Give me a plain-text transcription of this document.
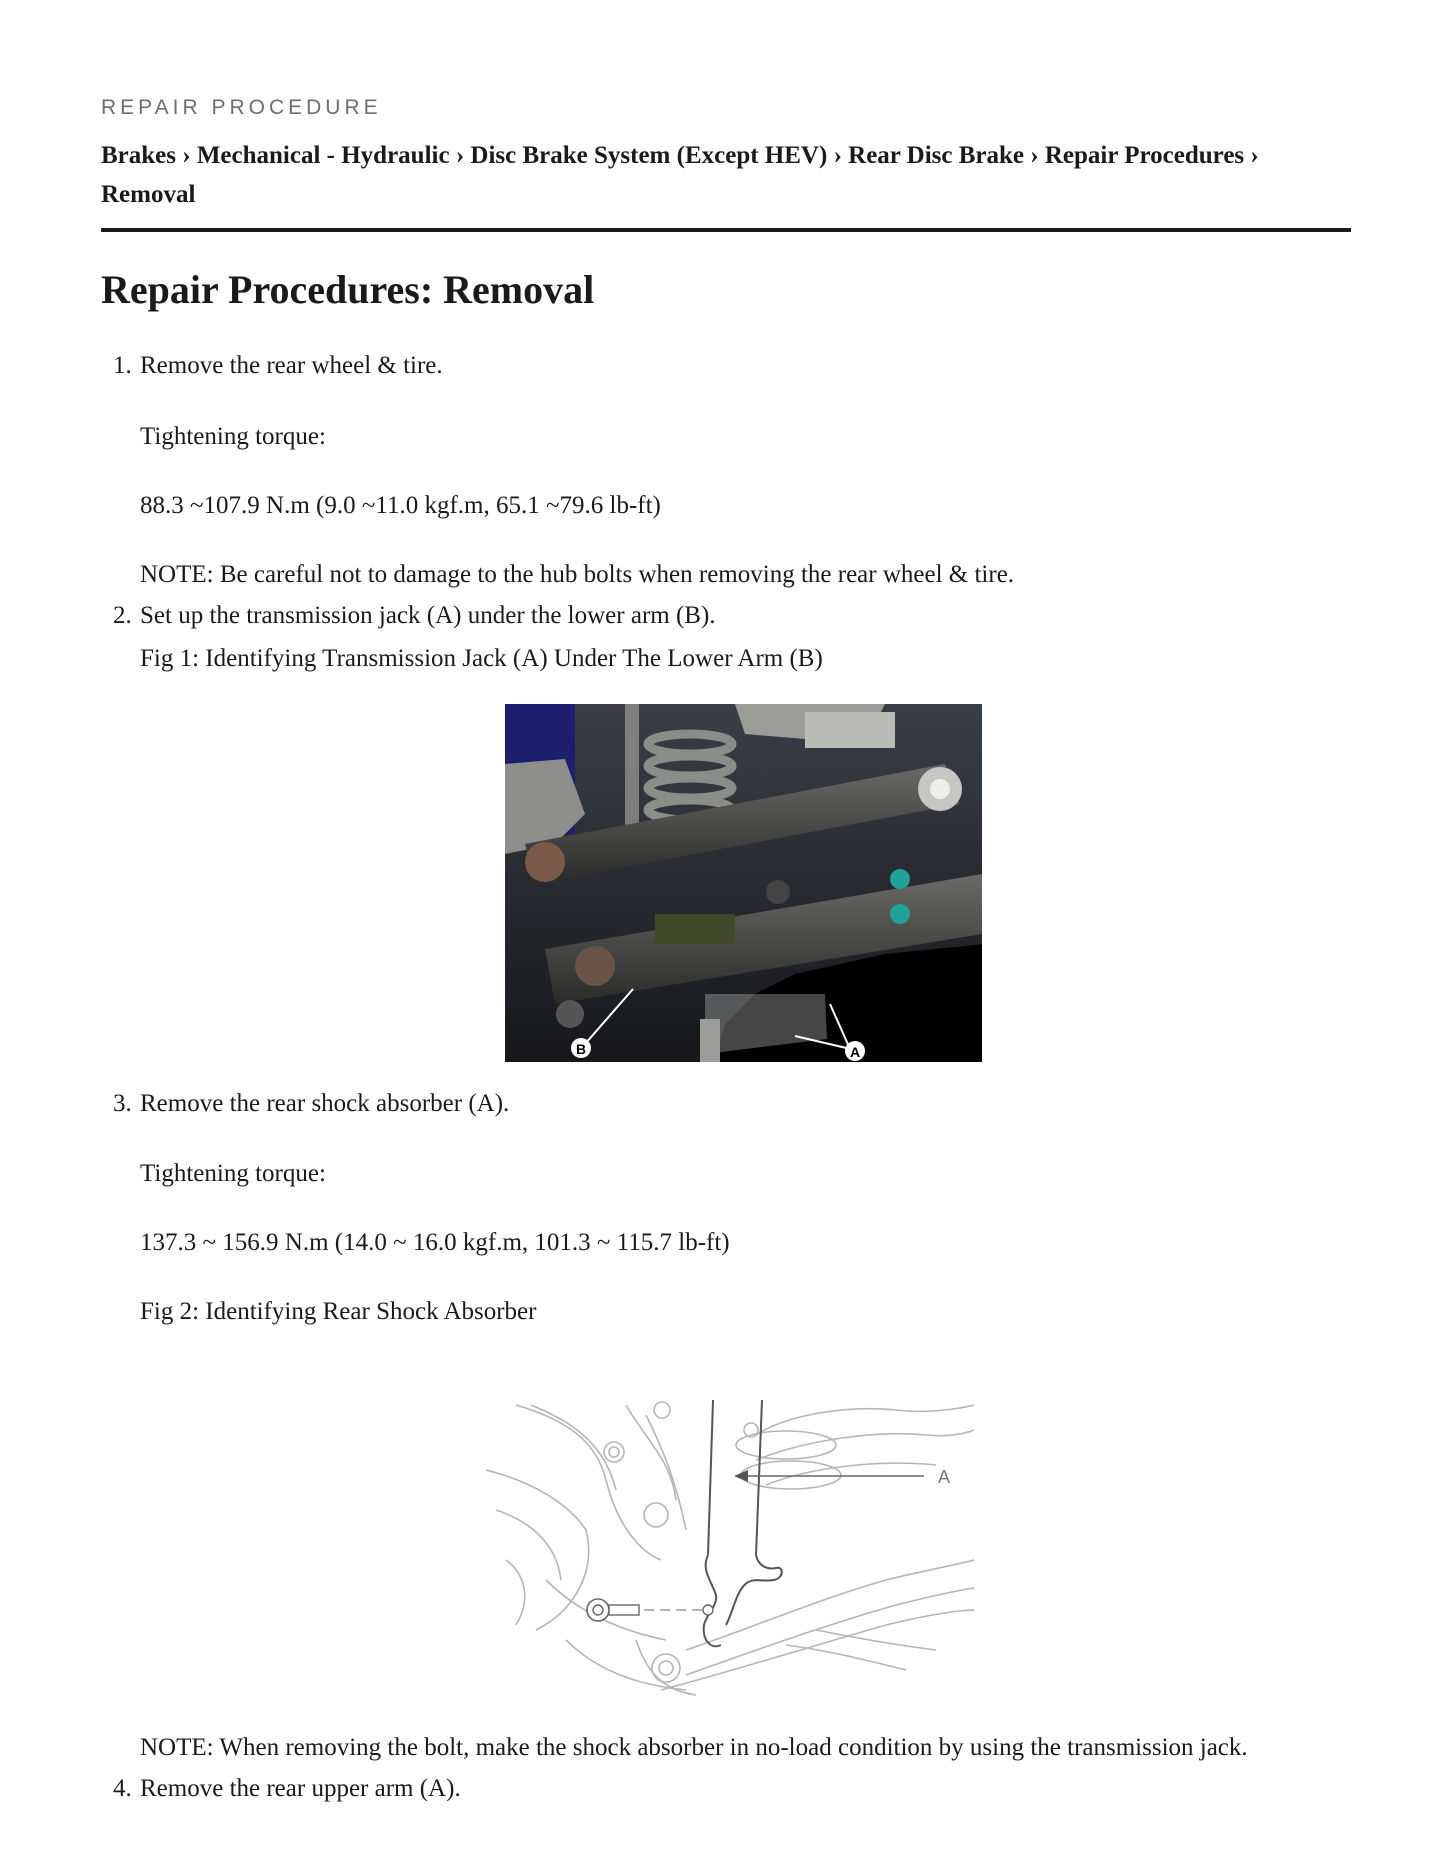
REPAIR PROCEDURE
Brakes › Mechanical - Hydraulic › Disc Brake System (Except HEV) › Rear Disc Brake › Repair Procedures › Removal
Repair Procedures: Removal
1. Remove the rear wheel & tire.
Tightening torque:
88.3 ~107.9 N.m (9.0 ~11.0 kgf.m, 65.1 ~79.6 lb-ft)
NOTE: Be careful not to damage to the hub bolts when removing the rear wheel & tire.
2. Set up the transmission jack (A) under the lower arm (B).
Fig 1: Identifying Transmission Jack (A) Under The Lower Arm (B)
B	A
3. Remove the rear shock absorber (A).
Tightening torque:
137.3 ~ 156.9 N.m (14.0 ~ 16.0 kgf.m, 101.3 ~ 115.7 lb-ft)
Fig 2: Identifying Rear Shock Absorber
A
NOTE: When removing the bolt, make the shock absorber in no-load condition by using the transmission jack.
4. Remove the rear upper arm (A).
